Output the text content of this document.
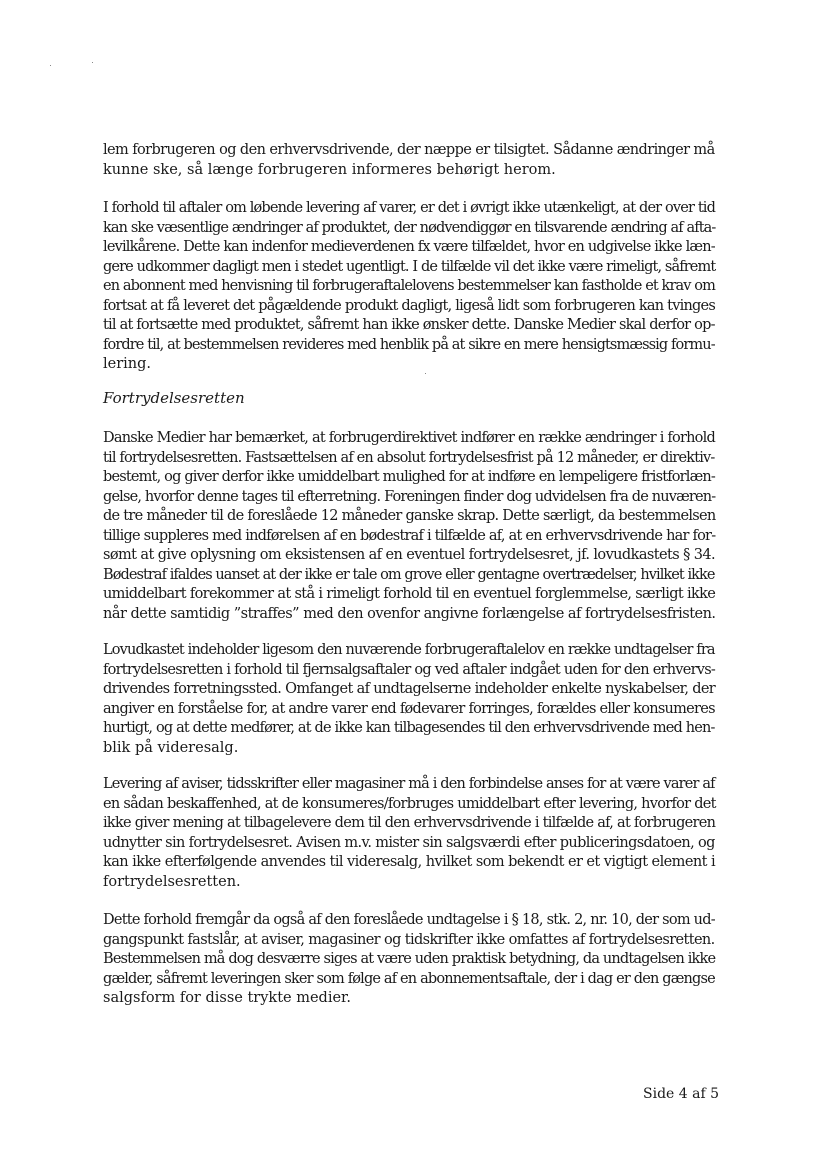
lem forbrugeren og den erhvervsdrivende, der næppe er tilsigtet. Sådanne ændringer må
kunne ske, så længe forbrugeren informeres behørigt herom.
I forhold til aftaler om løbende levering af varer, er det i øvrigt ikke utænkeligt, at der over tid
kan ske væsentlige ændringer af produktet, der nødvendiggør en tilsvarende ændring af afta-
levilkårene. Dette kan indenfor medieverdenen fx være tilfældet, hvor en udgivelse ikke læn-
gere udkommer dagligt men i stedet ugentligt. I de tilfælde vil det ikke være rimeligt, såfremt
en abonnent med henvisning til forbrugeraftalelovens bestemmelser kan fastholde et krav om
fortsat at få leveret det pågældende produkt dagligt, ligeså lidt som forbrugeren kan tvinges
til at fortsætte med produktet, såfremt han ikke ønsker dette. Danske Medier skal derfor op-
fordre til, at bestemmelsen revideres med henblik på at sikre en mere hensigtsmæssig formu-
lering.
Fortrydelsesretten
Danske Medier har bemærket, at forbrugerdirektivet indfører en række ændringer i forhold
til fortrydelsesretten. Fastsættelsen af en absolut fortrydelsesfrist på 12 måneder, er direktiv-
bestemt, og giver derfor ikke umiddelbart mulighed for at indføre en lempeligere fristforlæn-
gelse, hvorfor denne tages til efterretning. Foreningen finder dog udvidelsen fra de nuværen-
de tre måneder til de foreslåede 12 måneder ganske skrap. Dette særligt, da bestemmelsen
tillige suppleres med indførelsen af en bødestraf i tilfælde af, at en erhvervsdrivende har for-
sømt at give oplysning om eksistensen af en eventuel fortrydelsesret, jf. lovudkastets § 34.
Bødestraf ifaldes uanset at der ikke er tale om grove eller gentagne overtrædelser, hvilket ikke
umiddelbart forekommer at stå i rimeligt forhold til en eventuel forglemmelse, særligt ikke
når dette samtidig ”straffes” med den ovenfor angivne forlængelse af fortrydelsesfristen.
Lovudkastet indeholder ligesom den nuværende forbrugeraftalelov en række undtagelser fra
fortrydelsesretten i forhold til fjernsalgsaftaler og ved aftaler indgået uden for den erhvervs-
drivendes forretningssted. Omfanget af undtagelserne indeholder enkelte nyskabelser, der
angiver en forståelse for, at andre varer end fødevarer forringes, forældes eller konsumeres
hurtigt, og at dette medfører, at de ikke kan tilbagesendes til den erhvervsdrivende med hen-
blik på videresalg.
Levering af aviser, tidsskrifter eller magasiner må i den forbindelse anses for at være varer af
en sådan beskaffenhed, at de konsumeres/forbruges umiddelbart efter levering, hvorfor det
ikke giver mening at tilbagelevere dem til den erhvervsdrivende i tilfælde af, at forbrugeren
udnytter sin fortrydelsesret. Avisen m.v. mister sin salgsværdi efter publiceringsdatoen, og
kan ikke efterfølgende anvendes til videresalg, hvilket som bekendt er et vigtigt element i
fortrydelsesretten.
Dette forhold fremgår da også af den foreslåede undtagelse i § 18, stk. 2, nr. 10, der som ud-
gangspunkt fastslår, at aviser, magasiner og tidskrifter ikke omfattes af fortrydelsesretten.
Bestemmelsen må dog desværre siges at være uden praktisk betydning, da undtagelsen ikke
gælder, såfremt leveringen sker som følge af en abonnementsaftale, der i dag er den gængse
salgsform for disse trykte medier.
Side 4 af 5
